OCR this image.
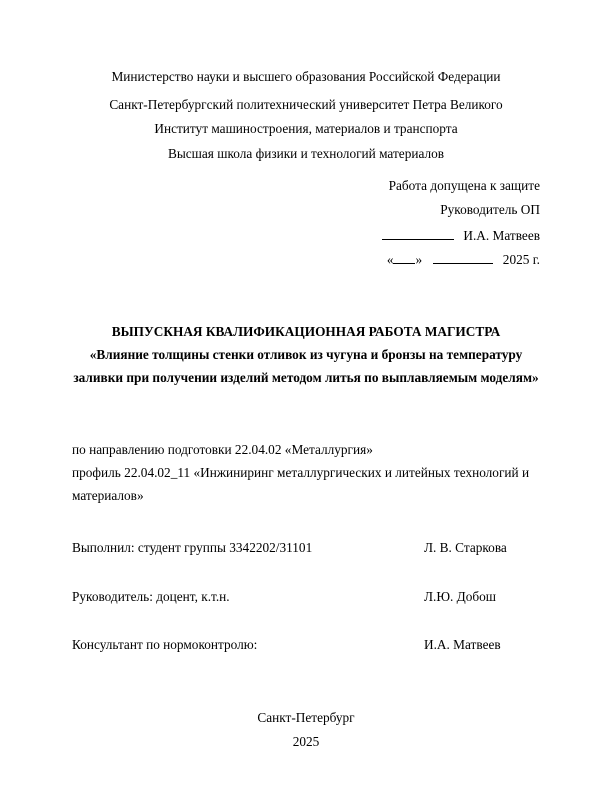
Министерство науки и высшего образования Российской Федерации
Санкт-Петербургский политехнический университет Петра Великого
Институт машиностроения, материалов и транспорта
Высшая школа физики и технологий материалов
Работа допущена к защите
Руководитель ОП
И.А. Матвеев
« »	2025 г.
ВЫПУСКНАЯ КВАЛИФИКАЦИОННАЯ РАБОТА МАГИСТРА
«Влияние толщины стенки отливок из чугуна и бронзы на температуру заливки при получении изделий методом литья по выплавляемым моделям»
по направлению подготовки 22.04.02 «Металлургия»
профиль 22.04.02_11 «Инжиниринг металлургических и литейных технологий и материалов»
Выполнил: студент группы 3342202/31101	Л. В. Старкова
Руководитель: доцент, к.т.н.	Л.Ю. Добош
Консультант по нормоконтролю:	И.А. Матвеев
Санкт-Петербург
2025
